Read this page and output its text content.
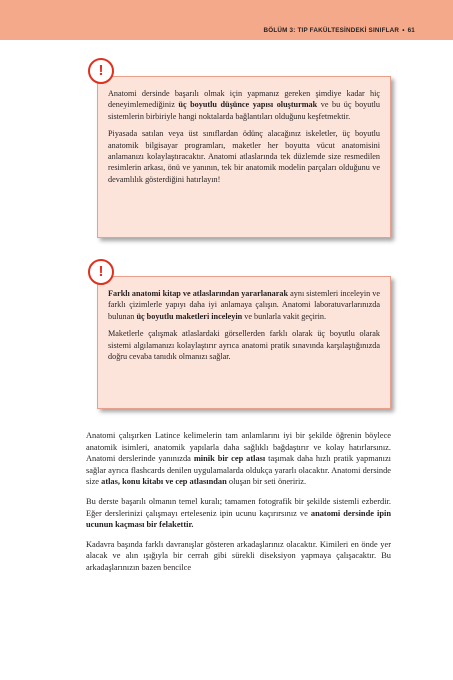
BÖLÜM 3: TIP FAKÜLTESİNDEKİ SINIFLAR • 61

Anatomi dersinde başarılı olmak için yapmanız gereken şimdiye kadar hiç deneyimlemediğiniz üç boyutlu düşünce yapısı oluşturmak ve bu üç boyutlu sistemlerin birbiriyle hangi noktalarda bağlantıları olduğunu keşfetmektir.

Piyasada satılan veya üst sınıflardan ödünç alacağınız iskeletler, üç boyutlu anatomik bilgisayar programları, maketler her boyutta vücut anatomisini anlamanızı kolaylaştıracaktır. Anatomi atlaslarında tek düzlemde size resmedilen resimlerin arkası, önü ve yanının, tek bir anatomik modelin parçaları olduğunu ve devamlılık gösterdiğini hatırlayın!

!

Farklı anatomi kitap ve atlaslarından yararlanarak aynı sistemleri inceleyin ve farklı çizimlerle yapıyı daha iyi anlamaya çalışın. Anatomi laboratuvarlarınızda bulunan üç boyutlu maketleri inceleyin ve bunlarla vakit geçirin.

Maketlerle çalışmak atlaslardaki görsellerden farklı olarak üç boyutlu olarak sistemi algılamanızı kolaylaştırır ayrıca anatomi pratik sınavında karşılaştığınızda doğru cevaba tanıdık olmanızı sağlar.

!

Anatomi çalışırken Latince kelimelerin tam anlamlarını iyi bir şekilde öğrenin böylece anatomik isimleri, anatomik yapılarla daha sağlıklı bağdaştırır ve kolay hatırlarsınız. Anatomi derslerinde yanınızda minik bir cep atlası taşımak daha hızlı pratik yapmanızı sağlar ayrıca flashcards denilen uygulamalarda oldukça yararlı olacaktır. Anatomi dersinde size atlas, konu kitabı ve cep atlasından oluşan bir seti öneririz.

Bu derste başarılı olmanın temel kuralı; tamamen fotografik bir şekilde sistemli ezberdir. Eğer derslerinizi çalışmayı erteleseniz ipin ucunu kaçırırsınız ve anatomi dersinde ipin ucunun kaçması bir felakettir.

Kadavra başında farklı davranışlar gösteren arkadaşlarınız olacaktır. Kimileri en önde yer alacak ve alın ışığıyla bir cerrah gibi sürekli diseksiyon yapmaya çalışacaktır. Bu arkadaşlarınızın bazen bencilce
